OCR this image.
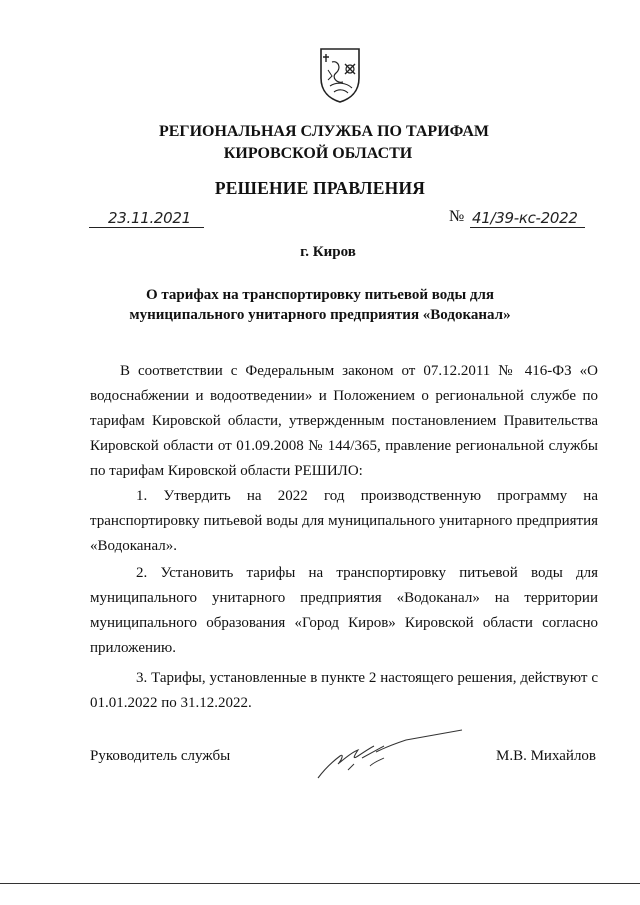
РЕГИОНАЛЬНАЯ СЛУЖБА ПО ТАРИФАМ
КИРОВСКОЙ ОБЛАСТИ
РЕШЕНИЕ ПРАВЛЕНИЯ
23.11.2021	№ 41/39-кс-2022
г. Киров
О тарифах на транспортировку питьевой воды для
муниципального унитарного предприятия «Водоканал»
В соответствии с Федеральным законом от 07.12.2011 № 416-ФЗ «О водоснабжении и водоотведении» и Положением о региональной службе по тарифам Кировской области, утвержденным постановлением Правительства Кировской области от 01.09.2008 № 144/365, правление региональной службы по тарифам Кировской области РЕШИЛО:
1. Утвердить на 2022 год производственную программу на транспортировку питьевой воды для муниципального унитарного предприятия «Водоканал».
2. Установить тарифы на транспортировку питьевой воды для муниципального унитарного предприятия «Водоканал» на территории муниципального образования «Город Киров» Кировской области согласно приложению.
3. Тарифы, установленные в пункте 2 настоящего решения, действуют с 01.01.2022 по 31.12.2022.
Руководитель службы	М.В. Михайлов
